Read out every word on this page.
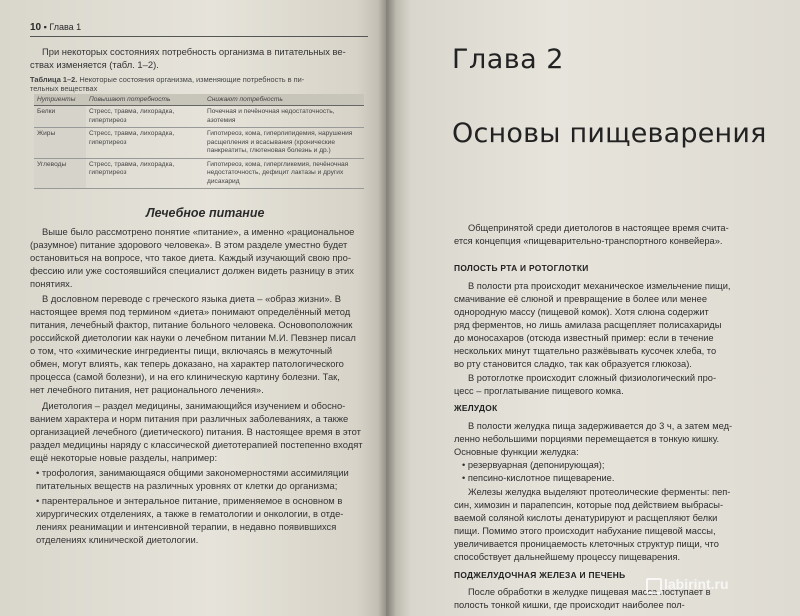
10 ▪ Глава 1
При некоторых состояниях потребность организма в питательных ве-
ствах изменяется (табл. 1–2).
Таблица 1–2. Некоторые состояния организма, изменяющие потребность в пи-
тельных веществах
Нутриенты	Повышают потребность	Снижают потребность
Белки	Стресс, травма, лихорадка, гипертиреоз	Почечная и печёночная недостаточность, азотемия
Жиры	Стресс, травма, лихорадка, гипертиреоз	Гипотиреоз, кома, гиперлипидемия, нарушения расщепления и всасывания (хронические панкреатиты, глютеновая болезнь и др.)
Углеводы	Стресс, травма, лихорадка, гипертиреоз	Гипотиреоз, кома, гипергликемия, печёночная недостаточность, дефицит лактазы и других дисахарид
Лечебное питание
Выше было рассмотрено понятие «питание», а именно «рациональное
(разумное) питание здорового человека». В этом разделе уместно будет
остановиться на вопросе, что такое диета. Каждый изучающий свою про-
фессию или уже состоявшийся специалист должен видеть разницу в этих
понятиях.
В дословном переводе с греческого языка диета – «образ жизни». В
настоящее время под термином «диета» понимают определённый метод
питания, лечебный фактор, питание больного человека. Основоположник
российской диетологии как науки о лечебном питании М.И. Певзнер писал
о том, что «химические ингредиенты пищи, включаясь в межуточный
обмен, могут влиять, как теперь доказано, на характер патологического
процесса (самой болезни), и на его клиническую картину болезни. Так,
нет лечебного питания, нет рационального лечения».
Диетология – раздел медицины, занимающийся изучением и обосно-
ванием характера и норм питания при различных заболеваниях, а также
организацией лечебного (диетического) питания. В настоящее время в этот
раздел медицины наряду с классической диетотерапией постепенно входят
ещё некоторые новые разделы, например:
• трофология, занимающаяся общими закономерностями ассимиляции
питательных веществ на различных уровнях от клетки до организма;
• парентеральное и энтеральное питание, применяемое в основном в
хирургических отделениях, а также в гематологии и онкологии, в отде-
лениях реанимации и интенсивной терапии, в недавно появившихся
отделениях клинической диетологии.
Глава 2
Основы пищеварения
Общепринятой среди диетологов в настоящее время счита-
ется концепция «пищеварительно-транспортного конвейера».
ПОЛОСТЬ РТА И РОТОГЛОТКИ
В полости рта происходит механическое измельчение пищи,
смачивание её слюной и превращение в более или менее
однородную массу (пищевой комок). Хотя слюна содержит
ряд ферментов, но лишь амилаза расщепляет полисахариды
до моносахаров (отсюда известный пример: если в течение
нескольких минут тщательно разжёвывать кусочек хлеба, то
во рту становится сладко, так как образуется глюкоза).
В ротоглотке происходит сложный физиологический про-
цесс – проглатывание пищевого комка.
ЖЕЛУДОК
В полости желудка пища задерживается до 3 ч, а затем мед-
ленно небольшими порциями перемещается в тонкую кишку.
Основные функции желудка:
• резервуарная (депонирующая);
• пепсино-кислотное пищеварение.
Железы желудка выделяют протеолические ферменты: пеп-
син, химозин и парапепсин, которые под действием выбрасы-
ваемой соляной кислоты денатурируют и расщепляют белки
пищи. Помимо этого происходит набухание пищевой массы,
увеличивается проницаемость клеточных структур пищи, что
способствует дальнейшему процессу пищеварения.
ПОДЖЕЛУДОЧНАЯ ЖЕЛЕЗА И ПЕЧЕНЬ
После обработки в желудке пищевая масса поступает в
полость тонкой кишки, где происходит наиболее пол-
labirint.ru
